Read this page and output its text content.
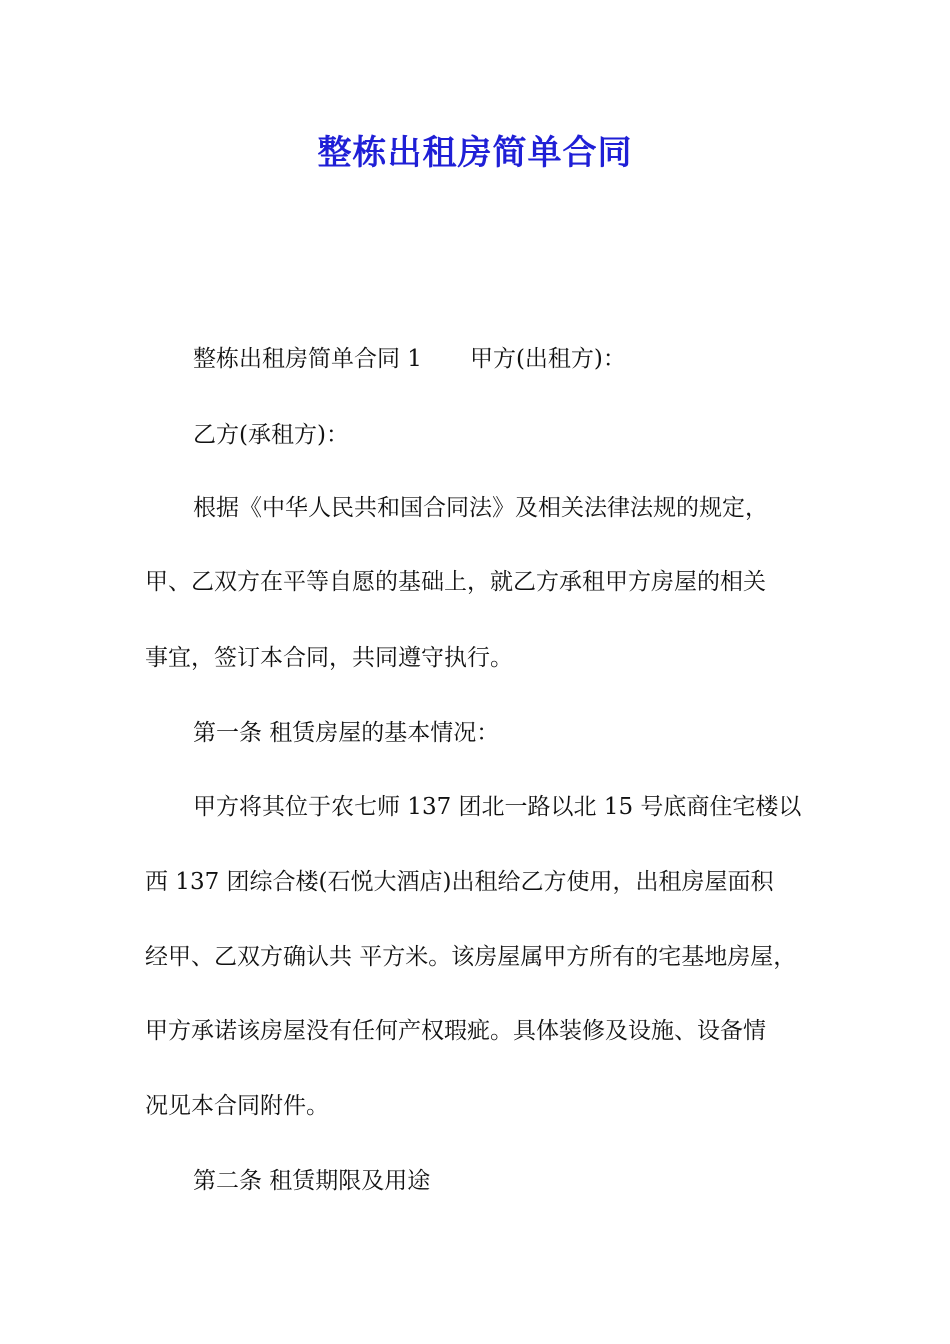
整栋出租房简单合同
整栋出租房简单合同 1 甲方(出租方)：
乙方(承租方)：
根据《中华人民共和国合同法》及相关法律法规的规定，
甲、乙双方在平等自愿的基础上，就乙方承租甲方房屋的相关
事宜，签订本合同，共同遵守执行。
第一条 租赁房屋的基本情况：
甲方将其位于农七师 137 团北一路以北 15 号底商住宅楼以
西 137 团综合楼(石悦大酒店)出租给乙方使用，出租房屋面积
经甲、乙双方确认共 平方米。该房屋属甲方所有的宅基地房屋，
甲方承诺该房屋没有任何产权瑕疵。具体装修及设施、设备情
况见本合同附件。
第二条 租赁期限及用途
